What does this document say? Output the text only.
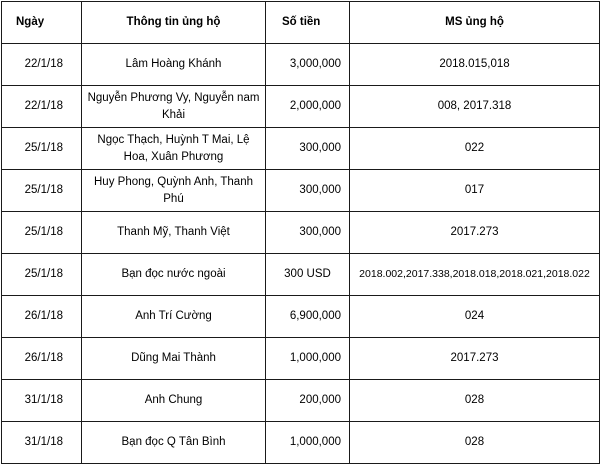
Ngày	Thông tin ủng hộ	Số tiền	MS ủng hộ
22/1/18	Lâm Hoàng Khánh	3,000,000	2018.015,018
22/1/18	Nguyễn Phương Vy, Nguyễn nam Khải	2,000,000	008, 2017.318
25/1/18	Ngọc Thạch, Huỳnh T Mai, Lệ Hoa, Xuân Phương	300,000	022
25/1/18	Huy Phong, Quỳnh Anh, Thanh Phú	300,000	017
25/1/18	Thanh Mỹ, Thanh Việt	300,000	2017.273
25/1/18	Bạn đọc nước ngoài	300 USD	2018.002,2017.338,2018.018,2018.021,2018.022
26/1/18	Anh Trí Cường	6,900,000	024
26/1/18	Dũng Mai Thành	1,000,000	2017.273
31/1/18	Anh Chung	200,000	028
31/1/18	Bạn đọc Q Tân Bình	1,000,000	028
